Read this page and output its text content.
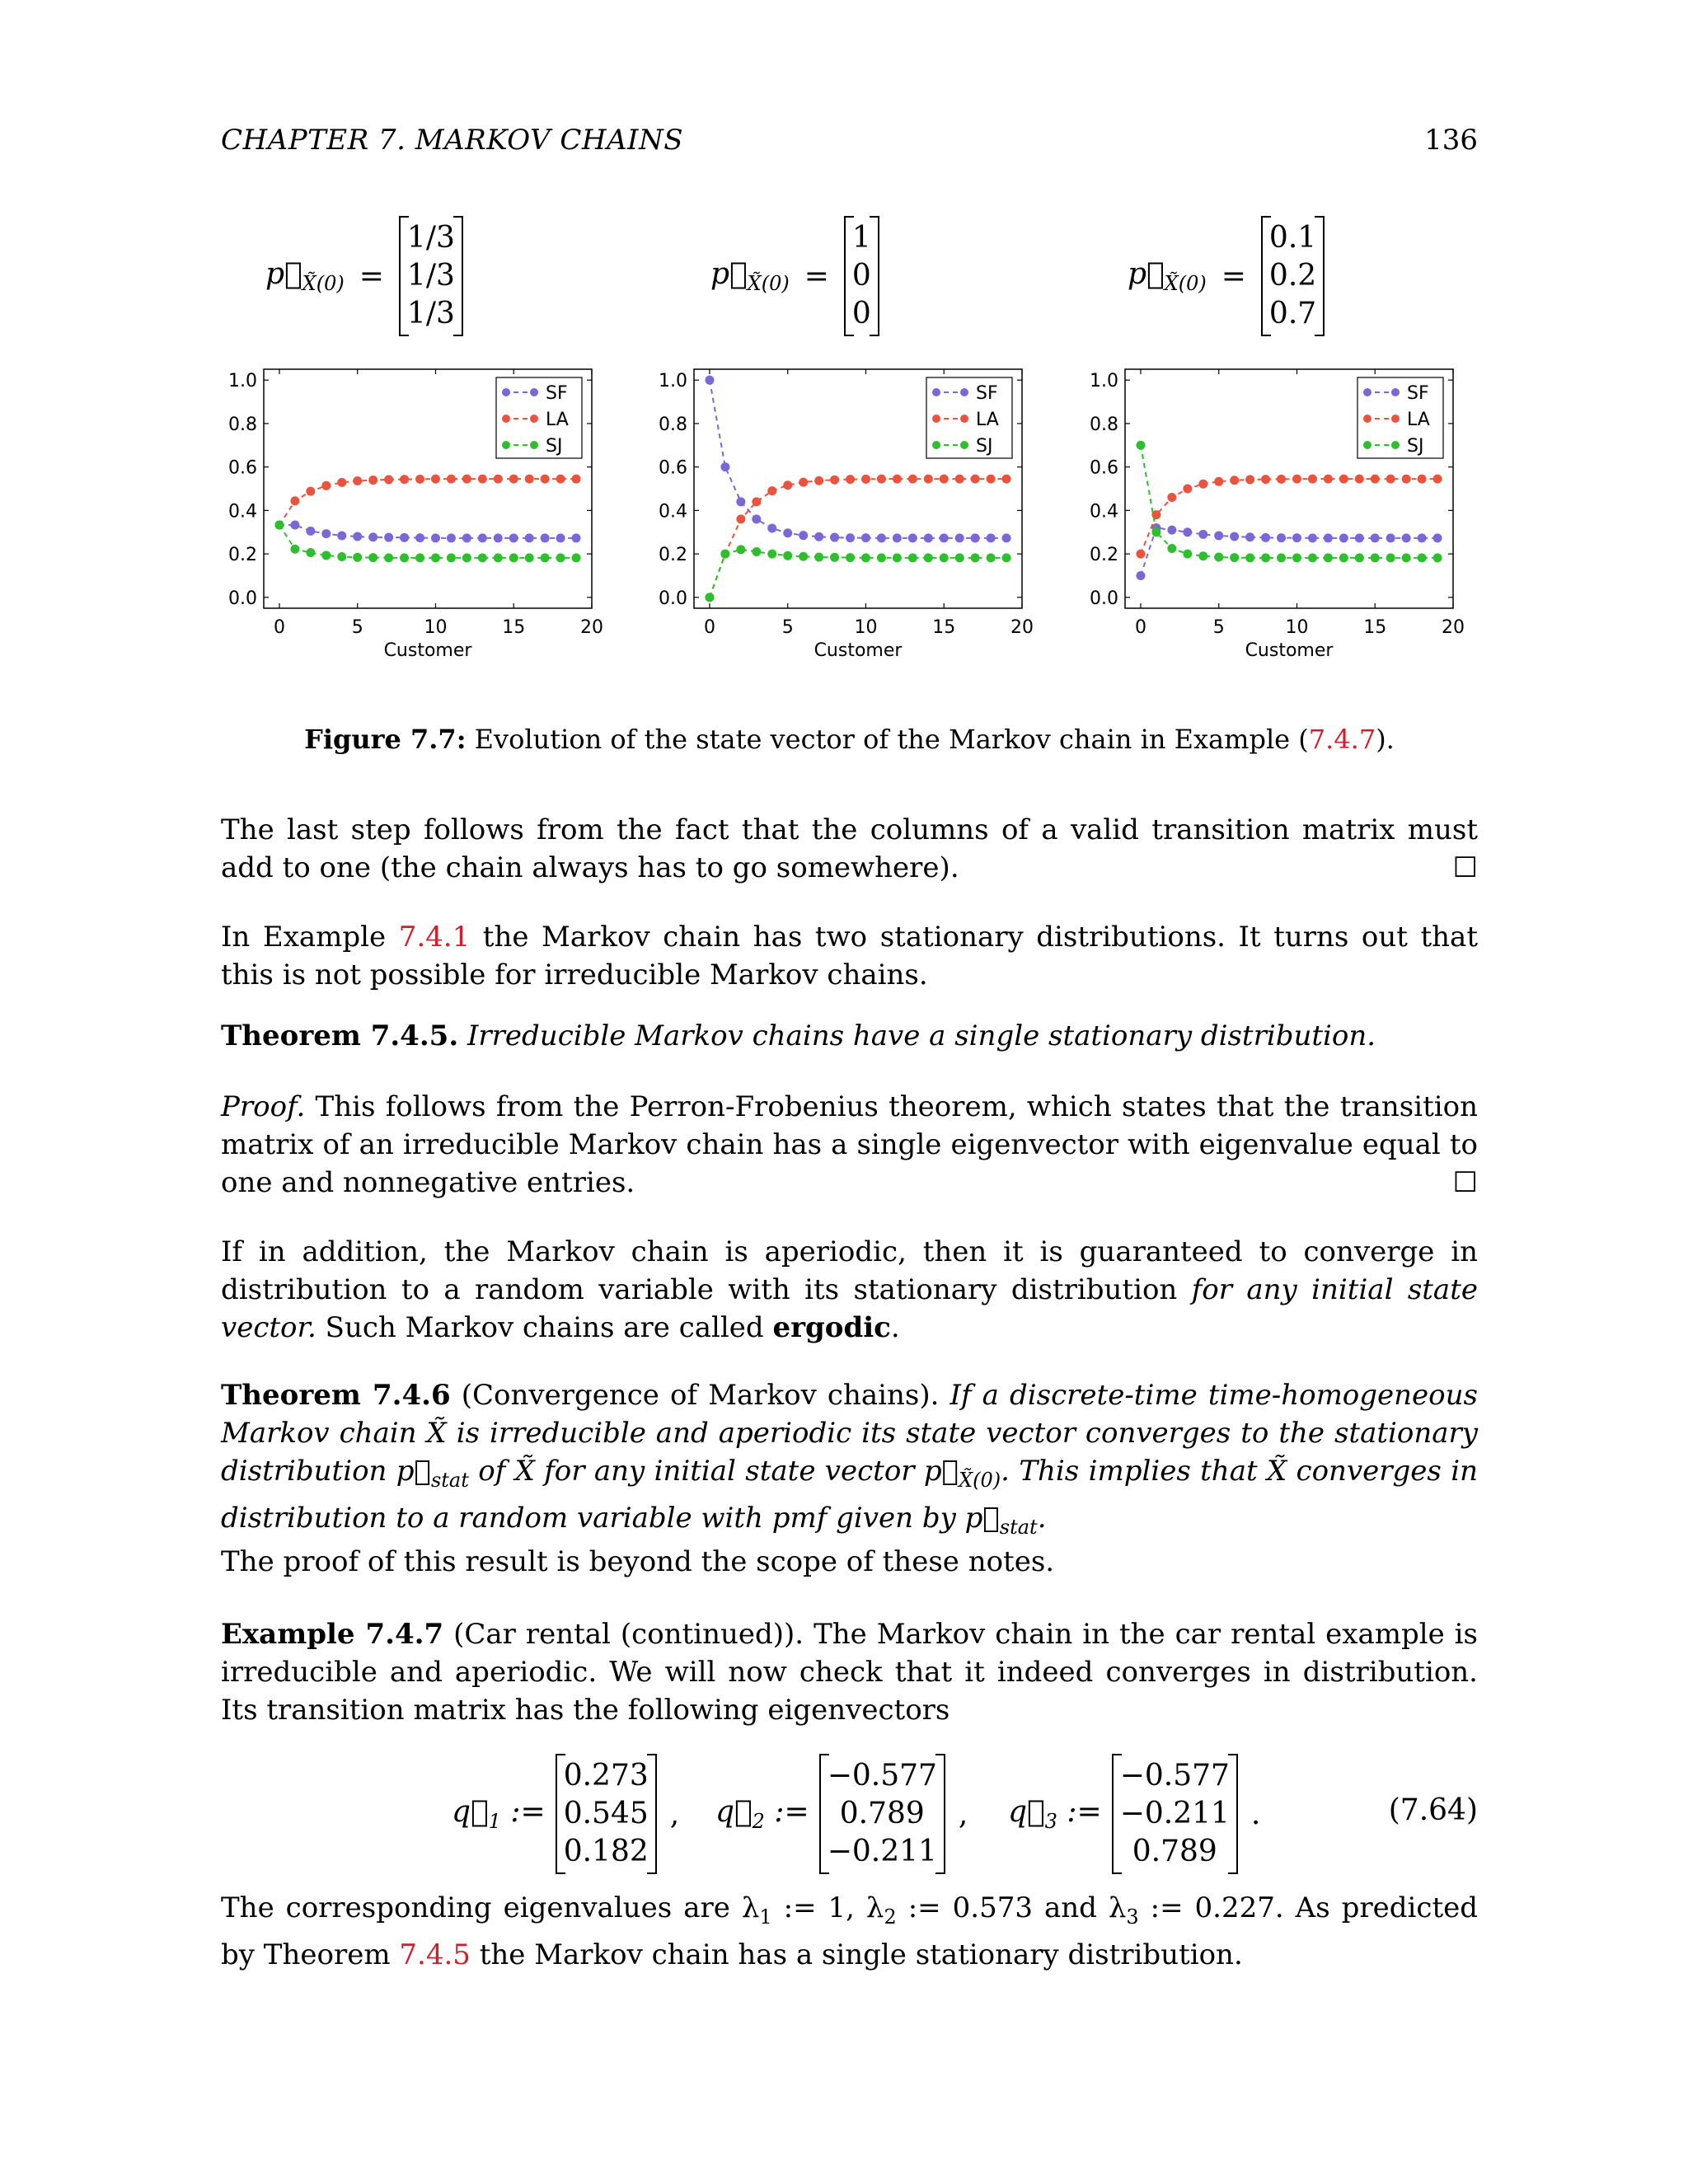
CHAPTER 7. MARKOV CHAINS	136
$p⃗_{X̃(0)}$ =
1/3
1/3
1/3
$p⃗_{X̃(0)}$ =
1
0
0
$p⃗_{X̃(0)}$ =
0.1
0.2
0.7
0	5	10	15	20
0.0
0.2
0.4
0.6
0.8
1.0
Customer
SF
LA
SJ
0	5	10	15	20
0.0
0.2
0.4
0.6
0.8
1.0
Customer
SF
LA
SJ
0	5	10	15	20
0.0
0.2
0.4
0.6
0.8
1.0
Customer
SF
LA
SJ
Figure 7.7: Evolution of the state vector of the Markov chain in Example (7.4.7).
The last step follows from the fact that the columns of a valid transition matrix must add to one (the chain always has to go somewhere).	☐
In Example 7.4.1 the Markov chain has two stationary distributions. It turns out that this is not possible for irreducible Markov chains.
Theorem 7.4.5. Irreducible Markov chains have a single stationary distribution.
Proof. This follows from the Perron-Frobenius theorem, which states that the transition matrix of an irreducible Markov chain has a single eigenvector with eigenvalue equal to one and nonnegative entries.	☐
If in addition, the Markov chain is aperiodic, then it is guaranteed to converge in distribution to a random variable with its stationary distribution for any initial state vector. Such Markov chains are called ergodic.
Theorem 7.4.6 (Convergence of Markov chains). If a discrete-time time-homogeneous Markov chain X̃ is irreducible and aperiodic its state vector converges to the stationary distribution $p⃗_{stat}$ of X̃ for any initial state vector $p⃗_{X̃(0)}$. This implies that X̃ converges in distribution to a random variable with pmf given by $p⃗_{stat}$.
The proof of this result is beyond the scope of these notes.
Example 7.4.7 (Car rental (continued)). The Markov chain in the car rental example is irreducible and aperiodic. We will now check that it indeed converges in distribution. Its transition matrix has the following eigenvectors
$q⃗_1$ :=
0.273
0.545
0.182
, $q⃗_2$ :=
−0.577
0.789
−0.211
, $q⃗_3$ :=
−0.577
−0.211
0.789
.	(7.64)
The corresponding eigenvalues are $\lambda_1$ := 1, $\lambda_2$ := 0.573 and $\lambda_3$ := 0.227. As predicted by Theorem 7.4.5 the Markov chain has a single stationary distribution.
